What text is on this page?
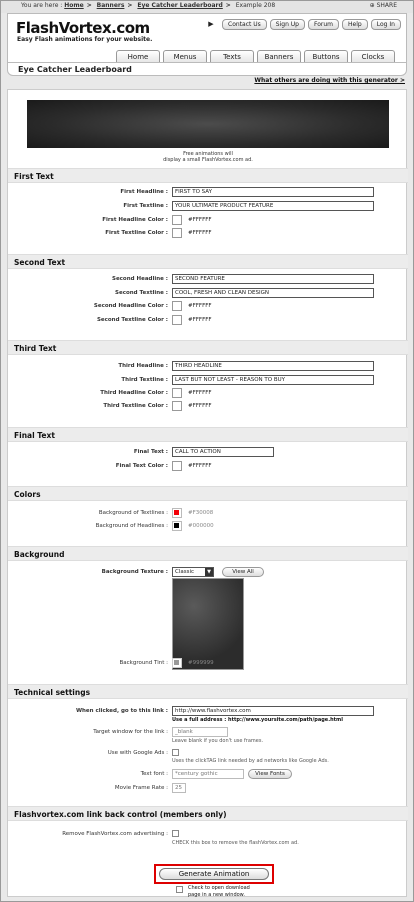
You are here : Home > Banners > Eye Catcher Leaderboard > Example 208	⊕ SHARE
FlashVortex.com
Easy Flash animations for your website.
▶	Contact Us	Sign Up	Forum	Help	Log In
Home	Menus	Texts	Banners	Buttons	Clocks
Eye Catcher Leaderboard
What others are doing with this generator >
Free animations will
display a small FlashVortex.com ad.
First Text
First Headline :	FIRST TO SAY
First Textline :	YOUR ULTIMATE PRODUCT FEATURE
First Headline Color :	#FFFFFF
First Textline Color :	#FFFFFF
Second Text
Second Headline :	SECOND FEATURE
Second Textline :	COOL, FRESH AND CLEAN DESIGN
Second Headline Color :	#FFFFFF
Second Textline Color :	#FFFFFF
Third Text
Third Headline :	THIRD HEADLINE
Third Textline :	LAST BUT NOT LEAST - REASON TO BUY
Third Headline Color :	#FFFFFF
Third Textline Color :	#FFFFFF
Final Text
Final Text :	CALL TO ACTION
Final Text Color :	#FFFFFF
Colors
Background of Textlines :	#F30008
Background of Headlines :	#000000
Background
Background Texture :	Classic	▼	View All
Background Tint :	#999999
Technical settings
When clicked, go to this link :	http://www.flashvortex.com
Use a full address : http://www.yoursite.com/path/page.html
Target window for the link :	_blank
Leave blank if you don't use frames.
Use with Google Ads :
Uses the clickTAG link needed by ad networks like Google Ads.
Text font :	*century gothic	View Fonts
Movie Frame Rate :	25
Flashvortex.com link back control (members only)
Remove FlashVortex.com advertising :
CHECK this box to remove the flashVortex.com ad.
Generate Animation
Check to open download
page in a new window.
